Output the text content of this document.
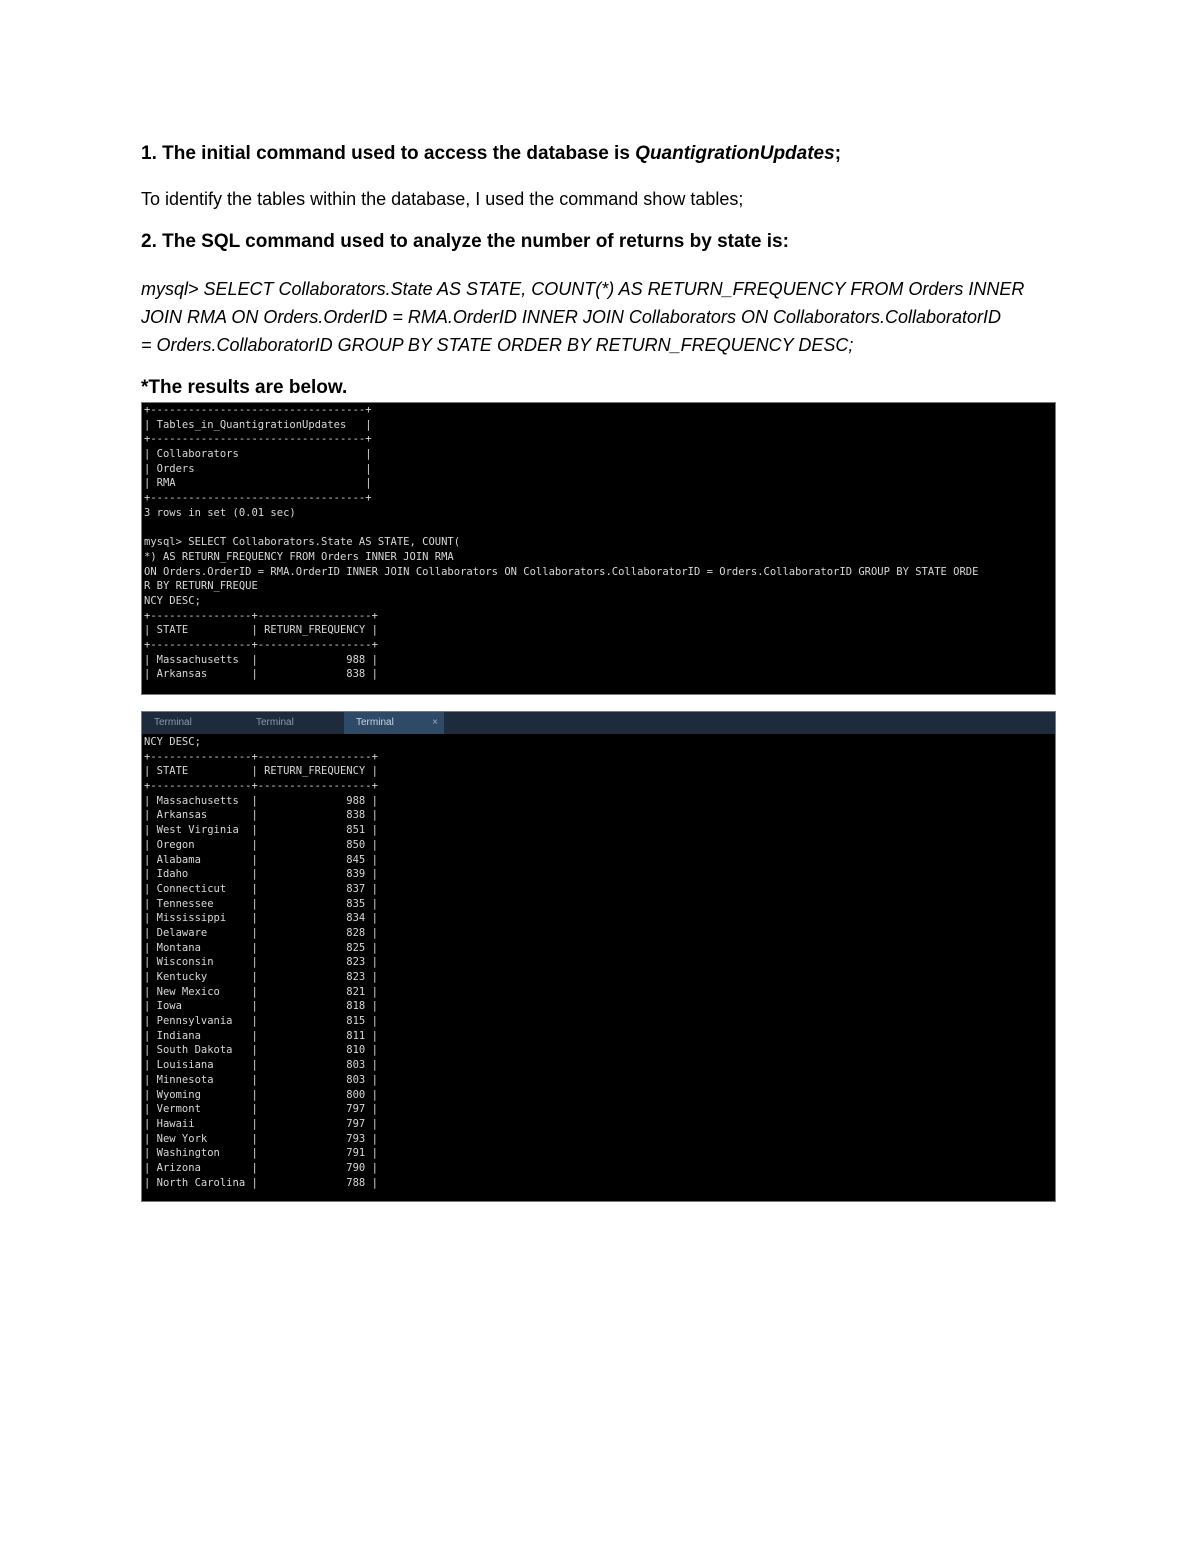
1. The initial command used to access the database is QuantigrationUpdates;
To identify the tables within the database, I used the command show tables;
2. The SQL command used to analyze the number of returns by state is:
mysql> SELECT Collaborators.State AS STATE, COUNT(*) AS RETURN_FREQUENCY FROM Orders INNER
JOIN RMA ON Orders.OrderID = RMA.OrderID INNER JOIN Collaborators ON Collaborators.CollaboratorID
= Orders.CollaboratorID GROUP BY STATE ORDER BY RETURN_FREQUENCY DESC;
*The results are below.
+----------------------------------+
| Tables_in_QuantigrationUpdates   |
+----------------------------------+
| Collaborators                    |
| Orders                           |
| RMA                              |
+----------------------------------+
3 rows in set (0.01 sec)
mysql> SELECT Collaborators.State AS STATE, COUNT(
*) AS RETURN_FREQUENCY FROM Orders INNER JOIN RMA
ON Orders.OrderID = RMA.OrderID INNER JOIN Collaborators ON Collaborators.CollaboratorID = Orders.CollaboratorID GROUP BY STATE ORDE
R BY RETURN_FREQUE
NCY DESC;
+----------------+------------------+
| STATE          | RETURN_FREQUENCY |
+----------------+------------------+
| Massachusetts  |              988 |
| Arkansas       |              838 |
Terminal	Terminal	Terminal	×
NCY DESC;
+----------------+------------------+
| STATE          | RETURN_FREQUENCY |
+----------------+------------------+
| Massachusetts  |              988 |
| Arkansas       |              838 |
| West Virginia  |              851 |
| Oregon         |              850 |
| Alabama        |              845 |
| Idaho          |              839 |
| Connecticut    |              837 |
| Tennessee      |              835 |
| Mississippi    |              834 |
| Delaware       |              828 |
| Montana        |              825 |
| Wisconsin      |              823 |
| Kentucky       |              823 |
| New Mexico     |              821 |
| Iowa           |              818 |
| Pennsylvania   |              815 |
| Indiana        |              811 |
| South Dakota   |              810 |
| Louisiana      |              803 |
| Minnesota      |              803 |
| Wyoming        |              800 |
| Vermont        |              797 |
| Hawaii         |              797 |
| New York       |              793 |
| Washington     |              791 |
| Arizona        |              790 |
| North Carolina |              788 |
